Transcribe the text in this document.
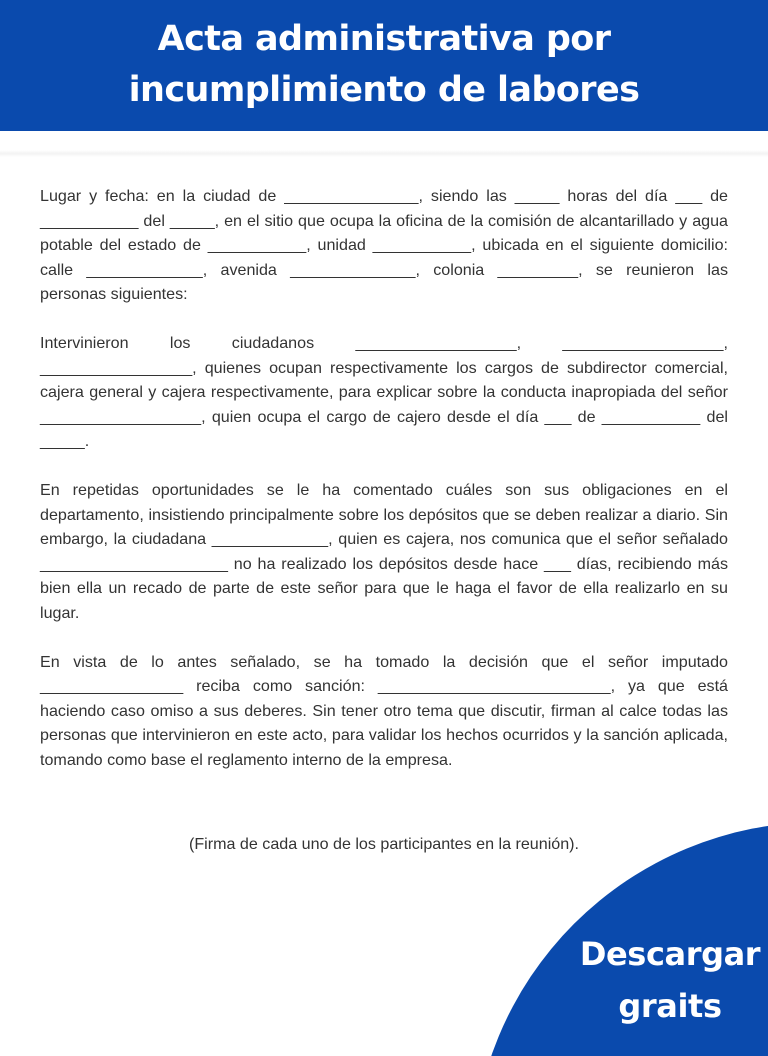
Acta administrativa por
incumplimiento de labores

Lugar y fecha: en la ciudad de _______________, siendo las _____ horas del día ___ de ___________ del _____, en el sitio que ocupa la oficina de la comisión de alcantarillado y agua potable del estado de ___________, unidad ___________, ubicada en el siguiente domicilio: calle _____________, avenida ______________, colonia _________, se reunieron las personas siguientes:

Intervinieron los ciudadanos __________________, __________________, _________________, quienes ocupan respectivamente los cargos de subdirector comercial, cajera general y cajera respectivamente, para explicar sobre la conducta inapropiada del señor __________________, quien ocupa el cargo de cajero desde el día ___ de ___________ del _____.

En repetidas oportunidades se le ha comentado cuáles son sus obligaciones en el departamento, insistiendo principalmente sobre los depósitos que se deben realizar a diario. Sin embargo, la ciudadana _____________, quien es cajera, nos comunica que el señor señalado _____________________ no ha realizado los depósitos desde hace ___ días, recibiendo más bien ella un recado de parte de este señor para que le haga el favor de ella realizarlo en su lugar.

En vista de lo antes señalado, se ha tomado la decisión que el señor imputado ________________ reciba como sanción: __________________________, ya que está haciendo caso omiso a sus deberes. Sin tener otro tema que discutir, firman al calce todas las personas que intervinieron en este acto, para validar los hechos ocurridos y la sanción aplicada, tomando como base el reglamento interno de la empresa.

(Firma de cada uno de los participantes en la reunión).
Descargar
graits
